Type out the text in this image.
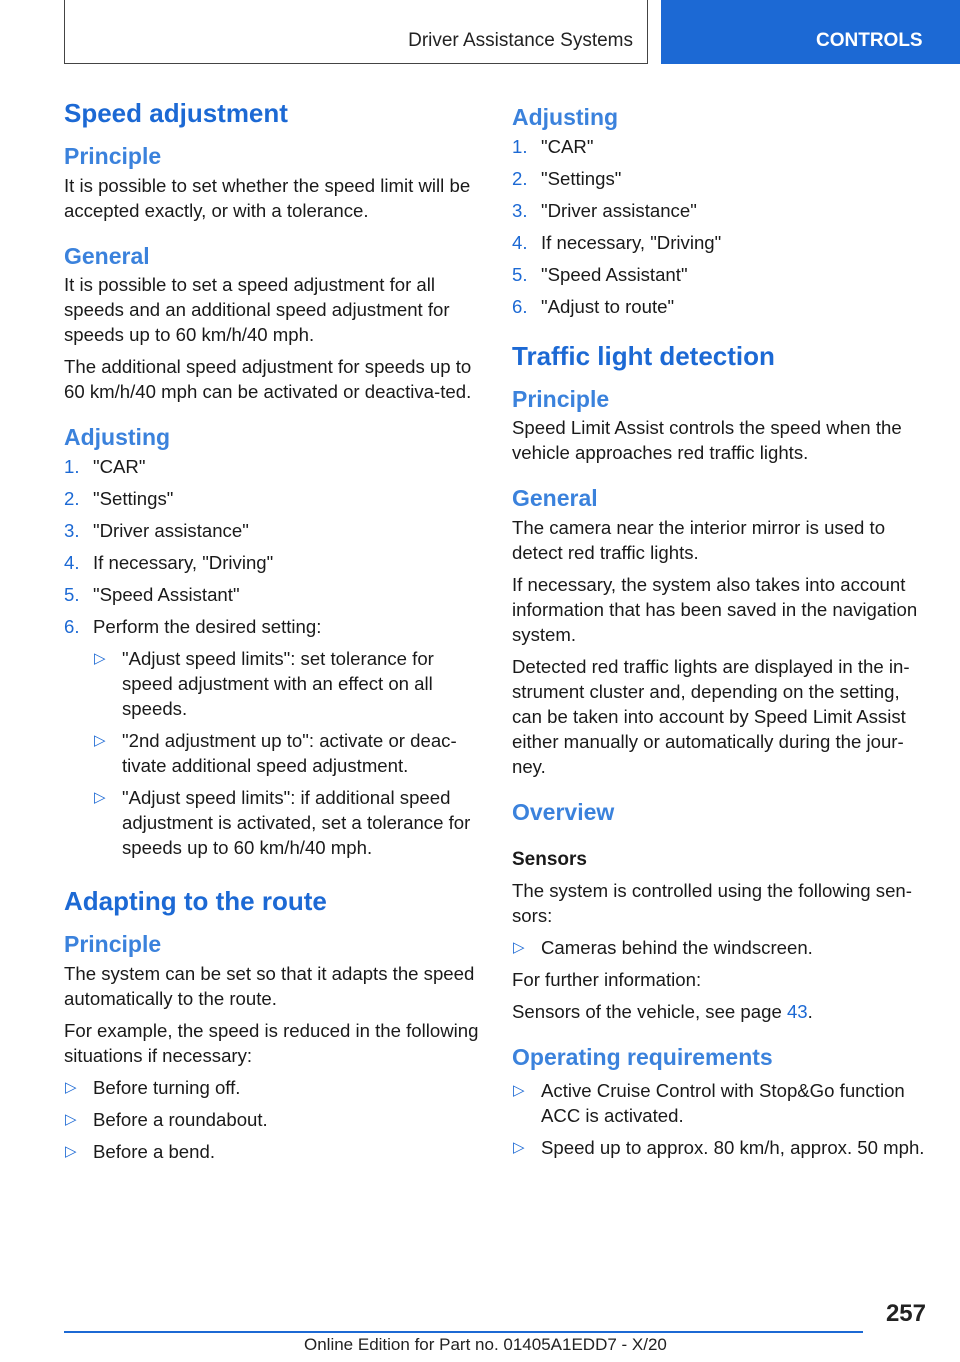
Driver Assistance Systems	CONTROLS
Speed adjustment
Principle

It is possible to set whether the speed limit will be accepted exactly, or with a tolerance.

General

It is possible to set a speed adjustment for all speeds and an additional speed adjustment for speeds up to 60 km/h/40 mph.

The additional speed adjustment for speeds up to 60 km/h/40 mph can be activated or deactiva‐ted.

Adjusting
1. "CAR"
2. "Settings"
3. "Driver assistance"
4. If necessary, "Driving"
5. "Speed Assistant"
6. Perform the desired setting:
▷ "Adjust speed limits": set tolerance for speed adjustment with an effect on all speeds.
▷ "2nd adjustment up to": activate or deac‐tivate additional speed adjustment.
▷ "Adjust speed limits": if additional speed adjustment is activated, set a tolerance for speeds up to 60 km/h/40 mph.
Adapting to the route
Principle

The system can be set so that it adapts the speed automatically to the route.

For example, the speed is reduced in the following situations if necessary:

▷ Before turning off.
▷ Before a roundabout.
▷ Before a bend.
Adjusting
1. "CAR"
2. "Settings"
3. "Driver assistance"
4. If necessary, "Driving"
5. "Speed Assistant"
6. "Adjust to route"
Traffic light detection
Principle

Speed Limit Assist controls the speed when the vehicle approaches red traffic lights.

General

The camera near the interior mirror is used to detect red traffic lights.

If necessary, the system also takes into account information that has been saved in the navigation system.

Detected red traffic lights are displayed in the in‐strument cluster and, depending on the setting, can be taken into account by Speed Limit Assist either manually or automatically during the jour‐ney.

Overview
Sensors

The system is controlled using the following sen‐sors:

▷ Cameras behind the windscreen.

For further information:

Sensors of the vehicle, see page 43.

Operating requirements
▷ Active Cruise Control with Stop&Go function ACC is activated.
▷ Speed up to approx. 80 km/h, approx. 50 mph.
257
Online Edition for Part no. 01405A1EDD7 - X/20
